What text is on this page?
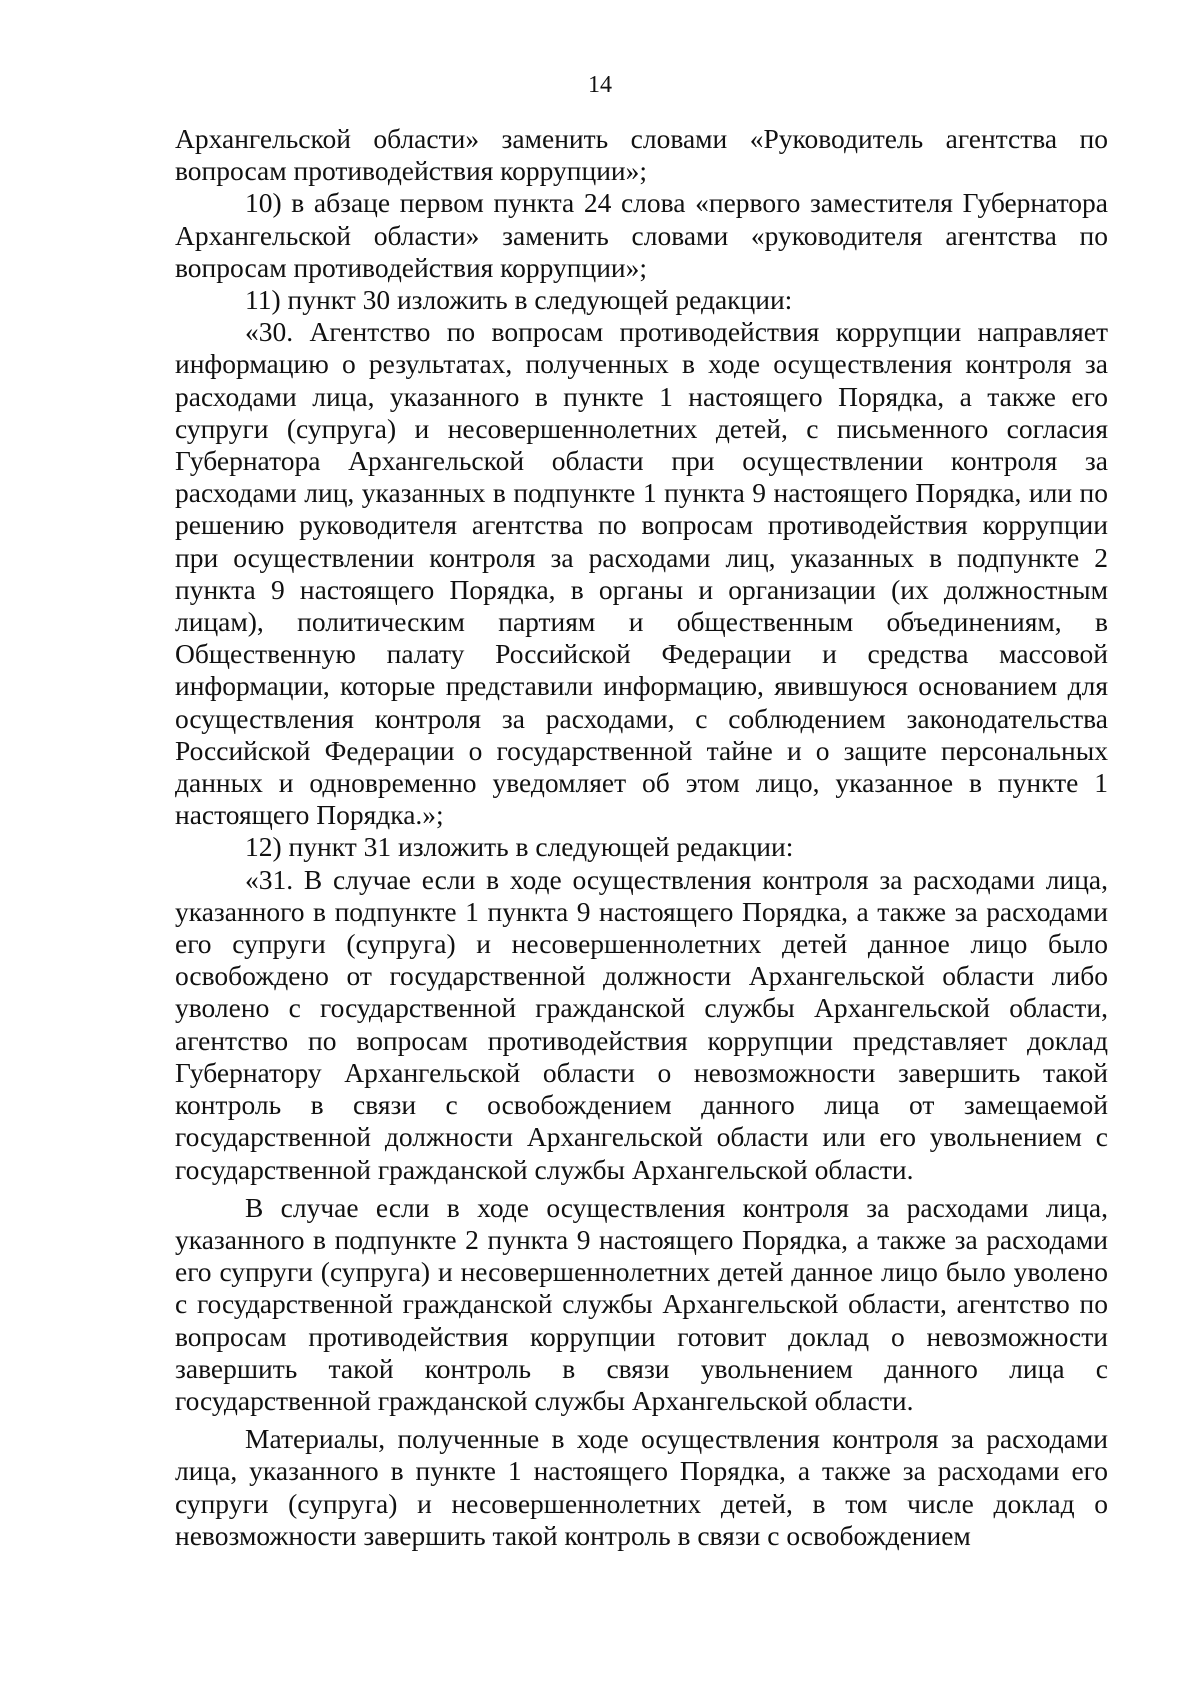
14

Архангельской области» заменить словами «Руководитель агентства по вопросам противодействия коррупции»;

10) в абзаце первом пункта 24 слова «первого заместителя Губернатора Архангельской области» заменить словами «руководителя агентства по вопросам противодействия коррупции»;

11) пункт 30 изложить в следующей редакции:

«30. Агентство по вопросам противодействия коррупции направляет информацию о результатах, полученных в ходе осуществления контроля за расходами лица, указанного в пункте 1 настоящего Порядка, а также его супруги (супруга) и несовершеннолетних детей, с письменного согласия Губернатора Архангельской области при осуществлении контроля за расходами лиц, указанных в подпункте 1 пункта 9 настоящего Порядка, или по решению руководителя агентства по вопросам противодействия коррупции при осуществлении контроля за расходами лиц, указанных в подпункте 2 пункта 9 настоящего Порядка, в органы и организации (их должностным лицам), политическим партиям и общественным объединениям, в Общественную палату Российской Федерации и средства массовой информации, которые представили информацию, явившуюся основанием для осуществления контроля за расходами, с соблюдением законодательства Российской Федерации о государственной тайне и о защите персональных данных и одновременно уведомляет об этом лицо, указанное в пункте 1 настоящего Порядка.»;

12) пункт 31 изложить в следующей редакции:

«31. В случае если в ходе осуществления контроля за расходами лица, указанного в подпункте 1 пункта 9 настоящего Порядка, а также за расходами его супруги (супруга) и несовершеннолетних детей данное лицо было освобождено от государственной должности Архангельской области либо уволено с государственной гражданской службы Архангельской области, агентство по вопросам противодействия коррупции представляет доклад Губернатору Архангельской области о невозможности завершить такой контроль в связи с освобождением данного лица от замещаемой государственной должности Архангельской области или его увольнением с государственной гражданской службы Архангельской области.

В случае если в ходе осуществления контроля за расходами лица, указанного в подпункте 2 пункта 9 настоящего Порядка, а также за расходами его супруги (супруга) и несовершеннолетних детей данное лицо было уволено с государственной гражданской службы Архангельской области, агентство по вопросам противодействия коррупции готовит доклад о невозможности завершить такой контроль в связи увольнением данного лица с государственной гражданской службы Архангельской области.

Материалы, полученные в ходе осуществления контроля за расходами лица, указанного в пункте 1 настоящего Порядка, а также за расходами его супруги (супруга) и несовершеннолетних детей, в том числе доклад о невозможности завершить такой контроль в связи с освобождением
